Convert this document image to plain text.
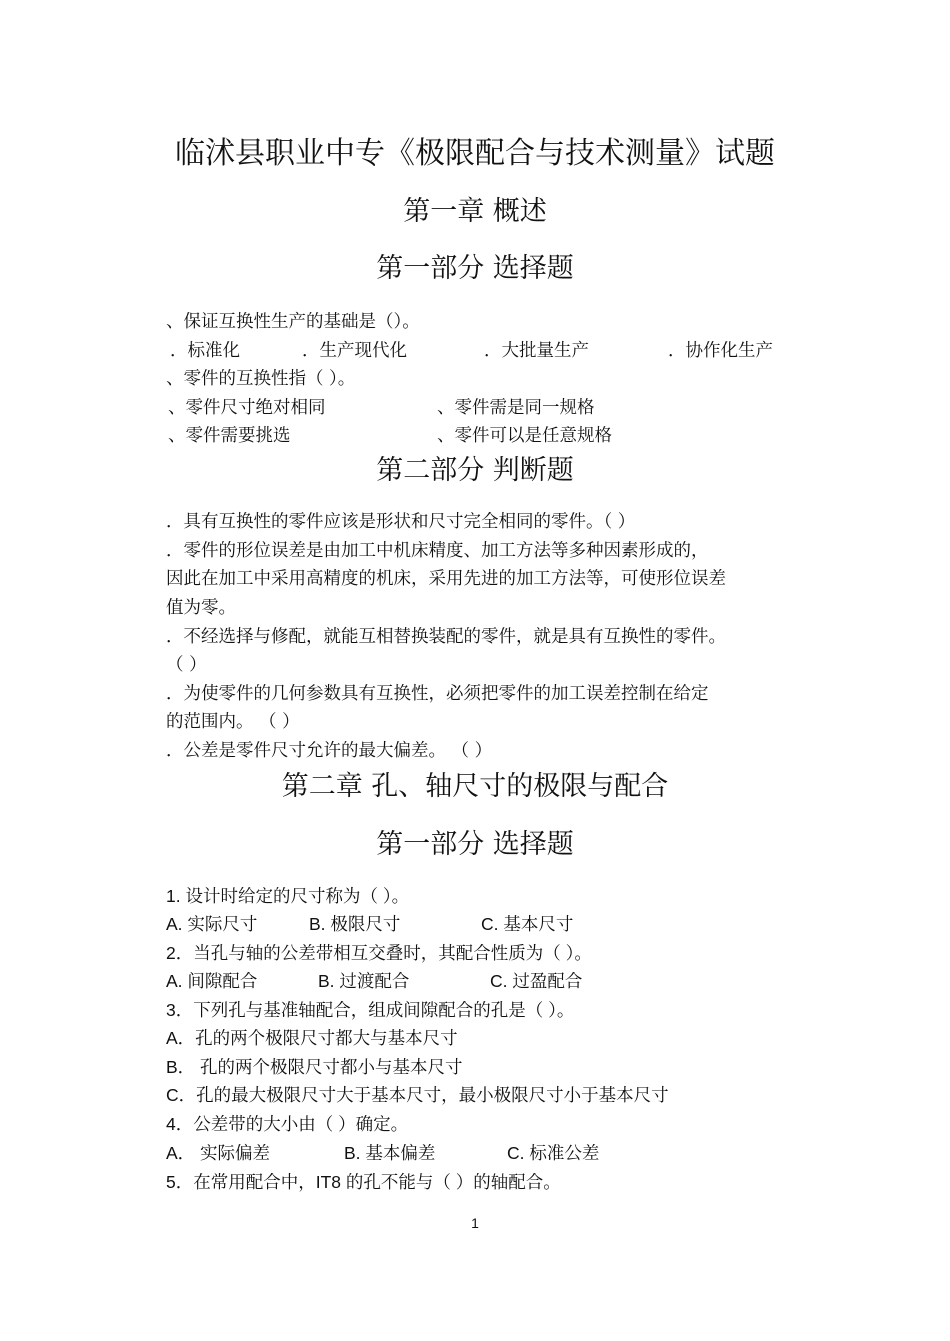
临沭县职业中专《极限配合与技术测量》试题
第一章 概述
第一部分 选择题
、保证互换性生产的基础是（）。
．标准化	．生产现代化	．大批量生产	．协作化生产
、零件的互换性指（ ）。
、零件尺寸绝对相同	、零件需是同一规格
、零件需要挑选	、零件可以是任意规格
第二部分 判断题
．具有互换性的零件应该是形状和尺寸完全相同的零件。（ ）
．零件的形位误差是由加工中机床精度、加工方法等多种因素形成的，
因此在加工中采用高精度的机床，采用先进的加工方法等，可使形位误差
值为零。
．不经选择与修配，就能互相替换装配的零件，就是具有互换性的零件。
（ ）
．为使零件的几何参数具有互换性，必须把零件的加工误差控制在给定
的范围内。 （ ）
．公差是零件尺寸允许的最大偏差。 （ ）
第二章 孔、轴尺寸的极限与配合
第一部分 选择题
1. 设计时给定的尺寸称为（ ）。
A. 实际尺寸	B. 极限尺寸	C. 基本尺寸
2．当孔与轴的公差带相互交叠时，其配合性质为（ ）。
A. 间隙配合	B. 过渡配合	C. 过盈配合
3．下列孔与基准轴配合，组成间隙配合的孔是（ ）。
A．孔的两个极限尺寸都大与基本尺寸
B． 孔的两个极限尺寸都小与基本尺寸
C．孔的最大极限尺寸大于基本尺寸，最小极限尺寸小于基本尺寸
4．公差带的大小由（ ）确定。
A． 实际偏差	B. 基本偏差	C. 标准公差
5．在常用配合中，IT8 的孔不能与（ ）的轴配合。
1
